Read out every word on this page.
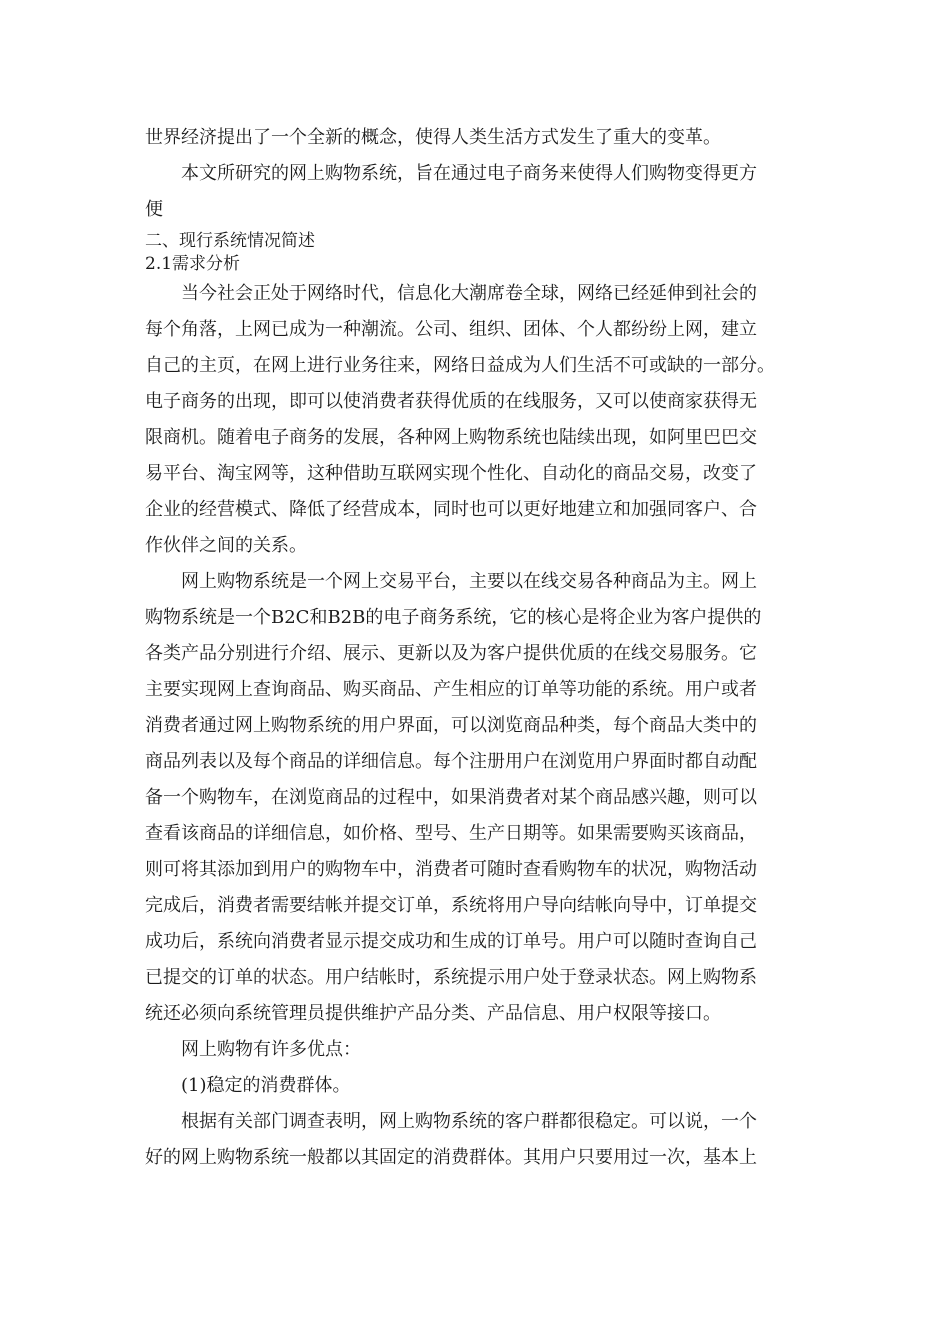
世界经济提出了一个全新的概念，使得人类生活方式发生了重大的变革。
本文所研究的网上购物系统，旨在通过电子商务来使得人们购物变得更方
便
二、现行系统情况简述
2.1需求分析
当今社会正处于网络时代，信息化大潮席卷全球，网络已经延伸到社会的
每个角落，上网已成为一种潮流。公司、组织、团体、个人都纷纷上网，建立
自己的主页，在网上进行业务往来，网络日益成为人们生活不可或缺的一部分。
电子商务的出现，即可以使消费者获得优质的在线服务，又可以使商家获得无
限商机。随着电子商务的发展，各种网上购物系统也陆续出现，如阿里巴巴交
易平台、淘宝网等，这种借助互联网实现个性化、自动化的商品交易，改变了
企业的经营模式、降低了经营成本，同时也可以更好地建立和加强同客户、合
作伙伴之间的关系。
网上购物系统是一个网上交易平台，主要以在线交易各种商品为主。网上
购物系统是一个B2C和B2B的电子商务系统，它的核心是将企业为客户提供的
各类产品分别进行介绍、展示、更新以及为客户提供优质的在线交易服务。它
主要实现网上查询商品、购买商品、产生相应的订单等功能的系统。用户或者
消费者通过网上购物系统的用户界面，可以浏览商品种类，每个商品大类中的
商品列表以及每个商品的详细信息。每个注册用户在浏览用户界面时都自动配
备一个购物车，在浏览商品的过程中，如果消费者对某个商品感兴趣，则可以
查看该商品的详细信息，如价格、型号、生产日期等。如果需要购买该商品，
则可将其添加到用户的购物车中，消费者可随时查看购物车的状况，购物活动
完成后，消费者需要结帐并提交订单，系统将用户导向结帐向导中，订单提交
成功后，系统向消费者显示提交成功和生成的订单号。用户可以随时查询自己
已提交的订单的状态。用户结帐时，系统提示用户处于登录状态。网上购物系
统还必须向系统管理员提供维护产品分类、产品信息、用户权限等接口。
网上购物有许多优点：
(1)稳定的消费群体。
根据有关部门调查表明，网上购物系统的客户群都很稳定。可以说，一个
好的网上购物系统一般都以其固定的消费群体。其用户只要用过一次，基本上
